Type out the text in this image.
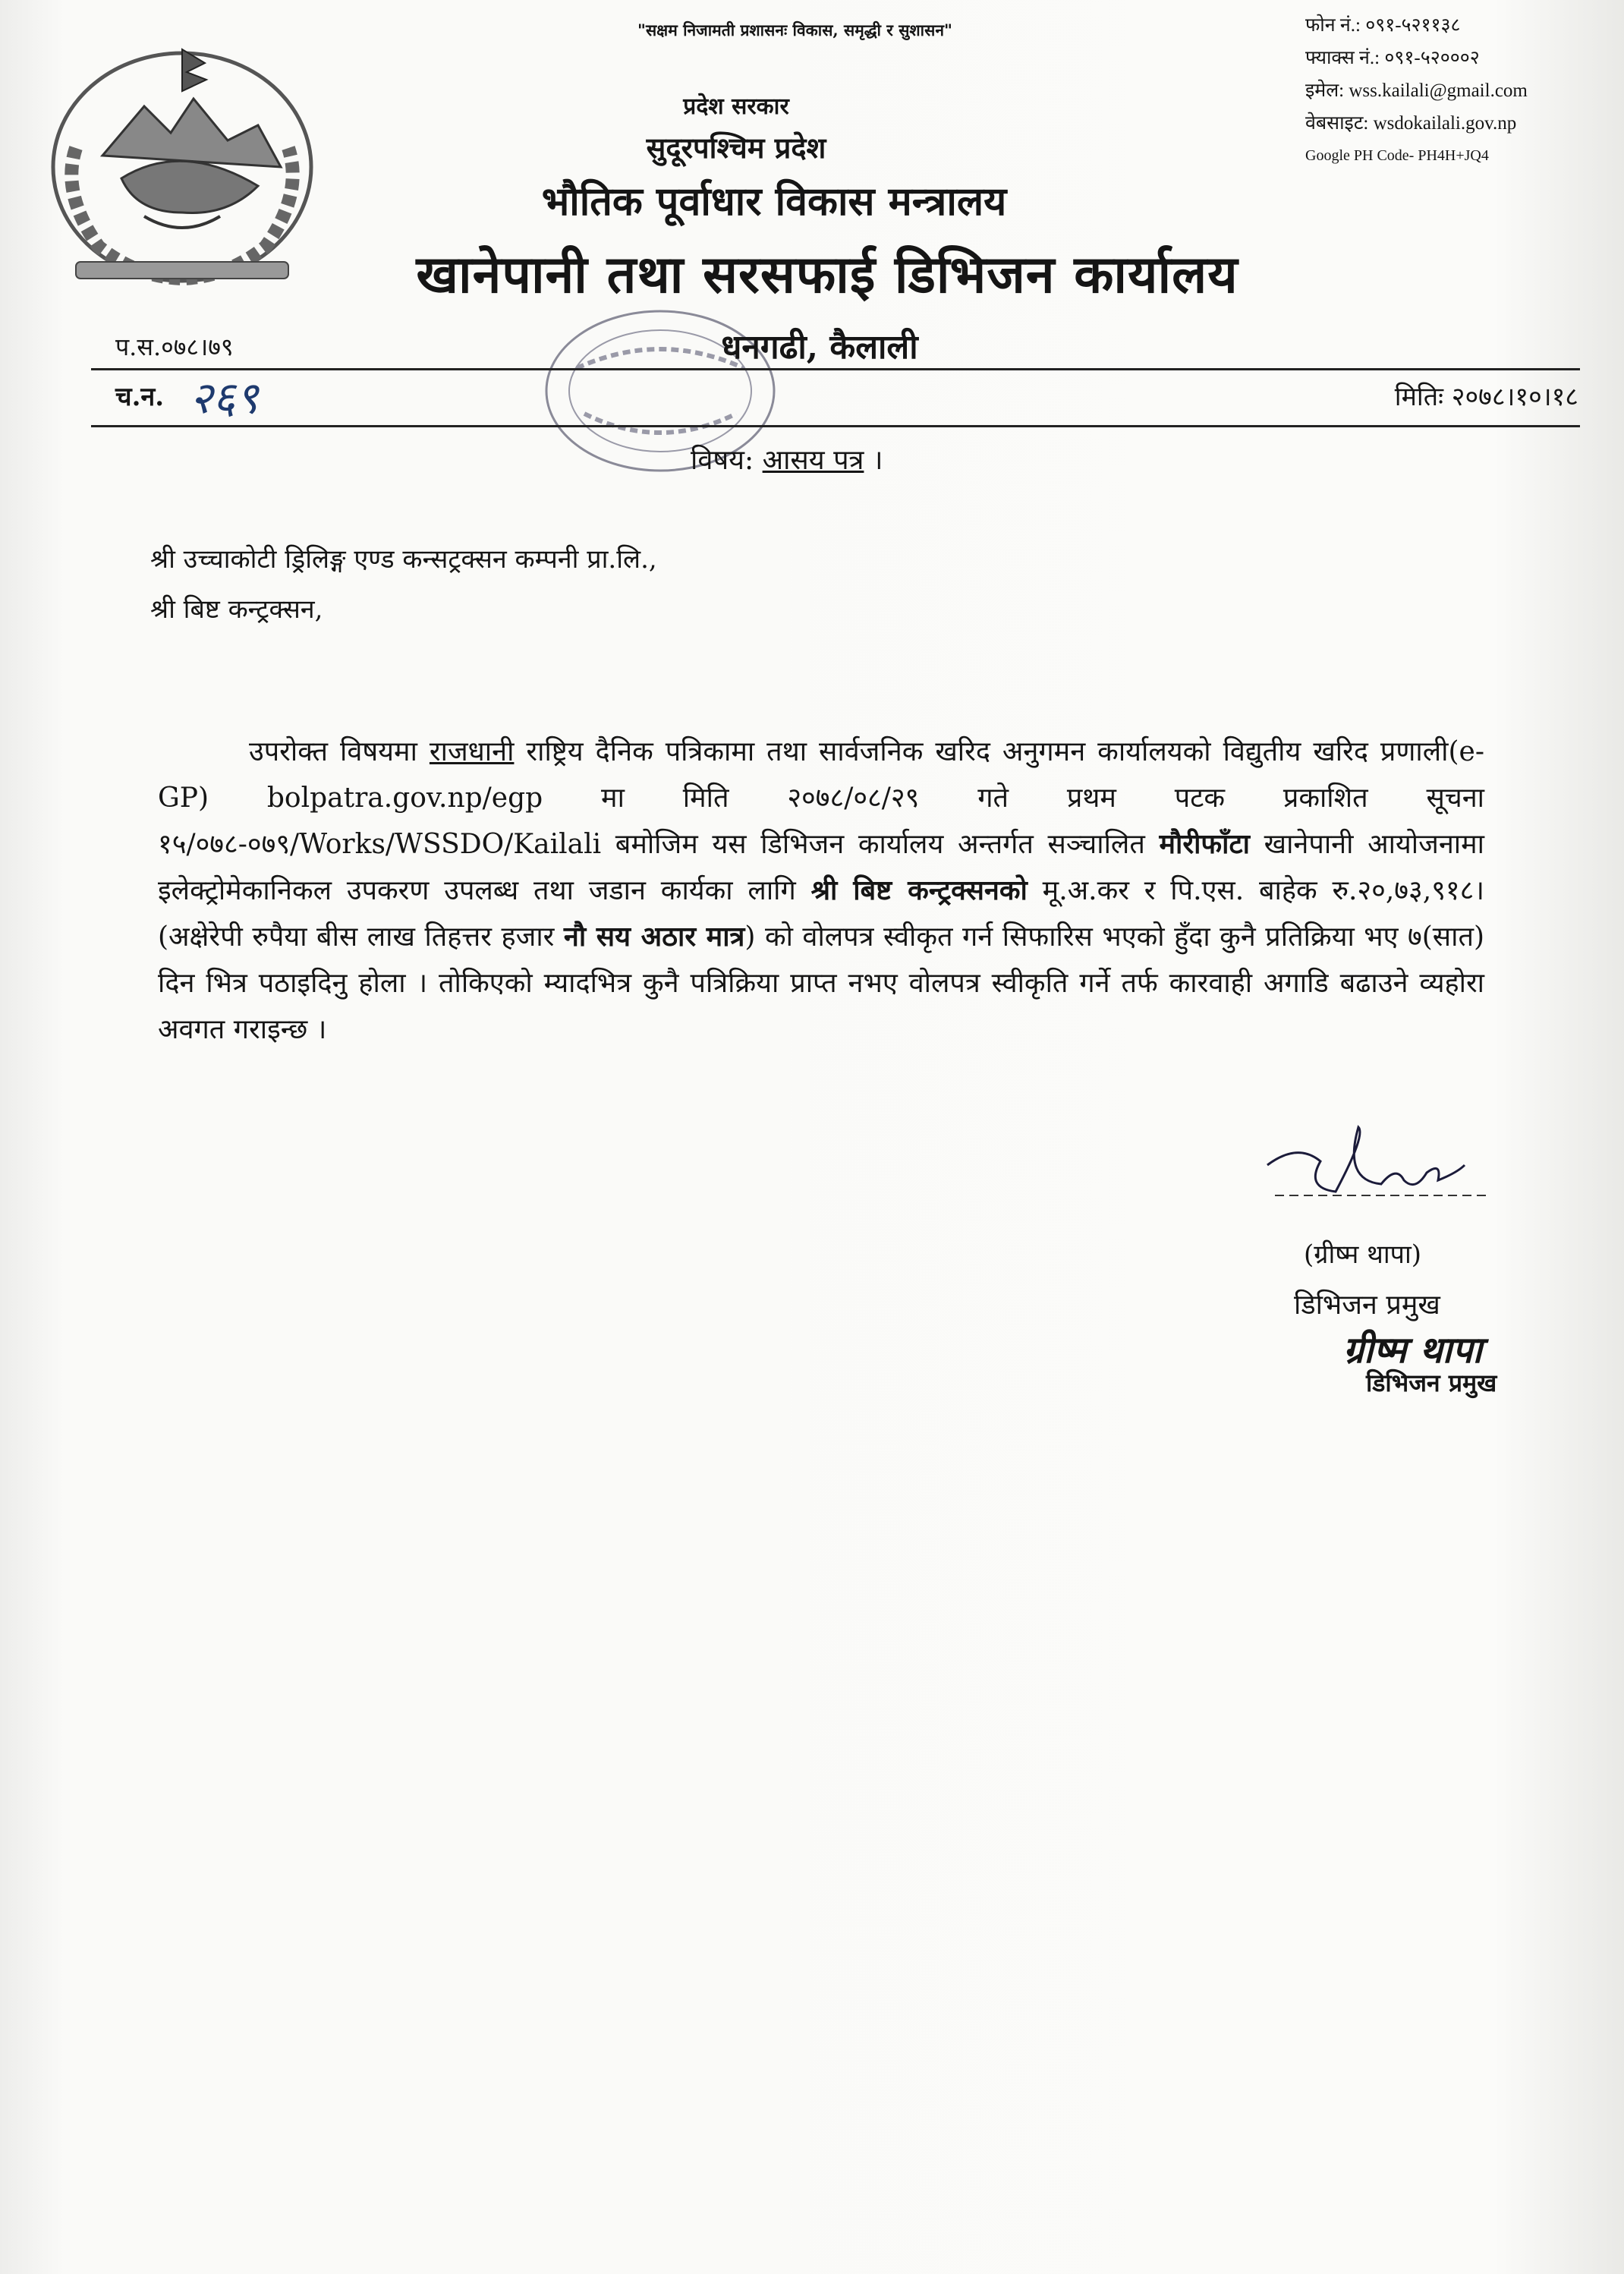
"सक्षम निजामती प्रशासनः विकास, समृद्धी र सुशासन"	फोन नं.: ०९१-५२११३८
फ्याक्स नं.: ०९१-५२०००२
इमेल: wss.kailali@gmail.com
वेबसाइट: wsdokailali.gov.np
Google PH Code- PH4H+JQ4
प्रदेश सरकार
सुदूरपश्चिम प्रदेश
भौतिक पूर्वाधार विकास मन्त्रालय
खानेपानी तथा सरसफाई डिभिजन कार्यालय
धनगढी, कैलाली
प.स.०७८।७९
च.न. २६९	मितिः २०७८।१०।१८
विषय: आसय पत्र ।
श्री उच्चाकोटी ड्रिलिङ्ग एण्ड कन्सट्रक्सन कम्पनी प्रा.लि.,
श्री बिष्ट कन्ट्रक्सन,
उपरोक्त विषयमा राजधानी राष्ट्रिय दैनिक पत्रिकामा तथा सार्वजनिक खरिद अनुगमन कार्यालयको विद्युतीय खरिद प्रणाली(e-GP) bolpatra.gov.np/egp मा मिति २०७८/०८/२९ गते प्रथम पटक प्रकाशित सूचना १५/०७८-०७९/Works/WSSDO/Kailali बमोजिम यस डिभिजन कार्यालय अन्तर्गत सञ्चालित मौरीफाँटा खानेपानी आयोजनामा इलेक्ट्रोमेकानिकल उपकरण उपलब्ध तथा जडान कार्यका लागि श्री बिष्ट कन्ट्रक्सनको मू.अ.कर र पि.एस. बाहेक रु.२०,७३,९१८। (अक्षेरेपी रुपैया बीस लाख तिहत्तर हजार नौ सय अठार मात्र) को वोलपत्र स्वीकृत गर्न सिफारिस भएको हुँदा कुनै प्रतिक्रिया भए ७(सात) दिन भित्र पठाइदिनु होला । तोकिएको म्यादभित्र कुनै पत्रिक्रिया प्राप्त नभए वोलपत्र स्वीकृति गर्ने तर्फ कारवाही अगाडि बढाउने व्यहोरा अवगत गराइन्छ ।
(ग्रीष्म थापा)
डिभिजन प्रमुख
ग्रीष्म थापा
डिभिजन प्रमुख
